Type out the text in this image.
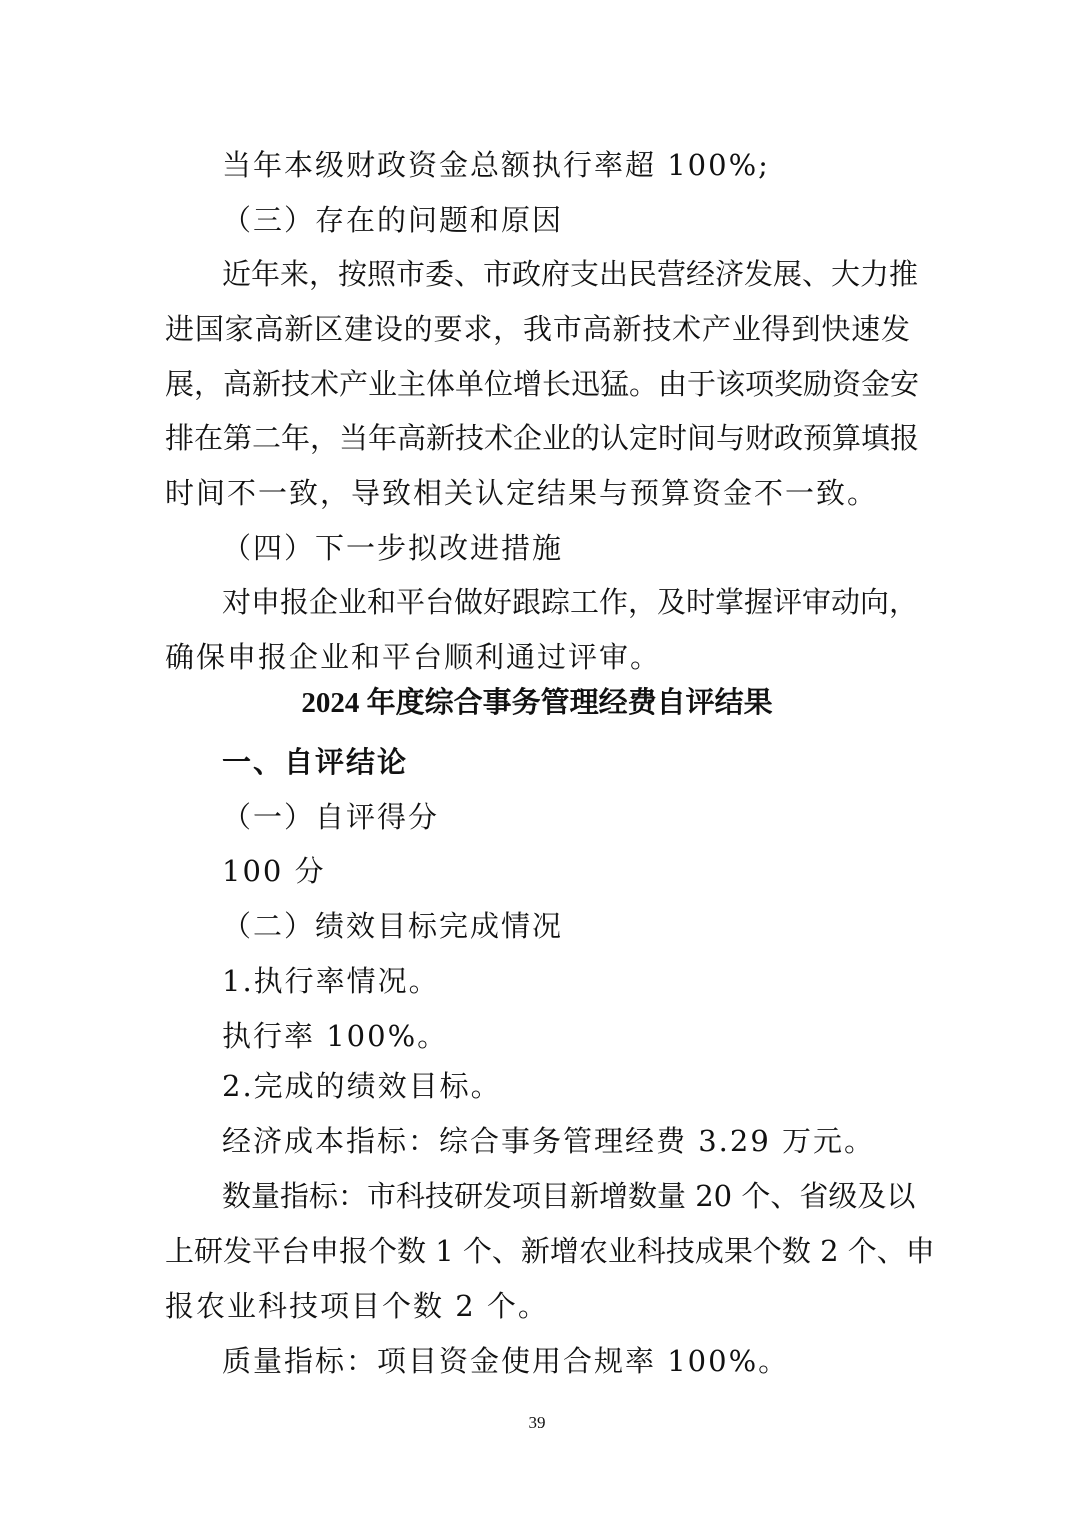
当年本级财政资金总额执行率超 100%;
（三）存在的问题和原因
近年来，按照市委、市政府支出民营经济发展、大力推
进国家高新区建设的要求，我市高新技术产业得到快速发
展，高新技术产业主体单位增长迅猛。由于该项奖励资金安
排在第二年，当年高新技术企业的认定时间与财政预算填报
时间不一致，导致相关认定结果与预算资金不一致。
（四）下一步拟改进措施
对申报企业和平台做好跟踪工作，及时掌握评审动向，
确保申报企业和平台顺利通过评审。
2024 年度综合事务管理经费自评结果
一、自评结论
（一）自评得分
100 分
（二）绩效目标完成情况
1.执行率情况。
执行率 100%。
2.完成的绩效目标。
经济成本指标：综合事务管理经费 3.29 万元。
数量指标：市科技研发项目新增数量 20 个、省级及以
上研发平台申报个数 1 个、新增农业科技成果个数 2 个、申
报农业科技项目个数 2 个。
质量指标：项目资金使用合规率 100%。
39
